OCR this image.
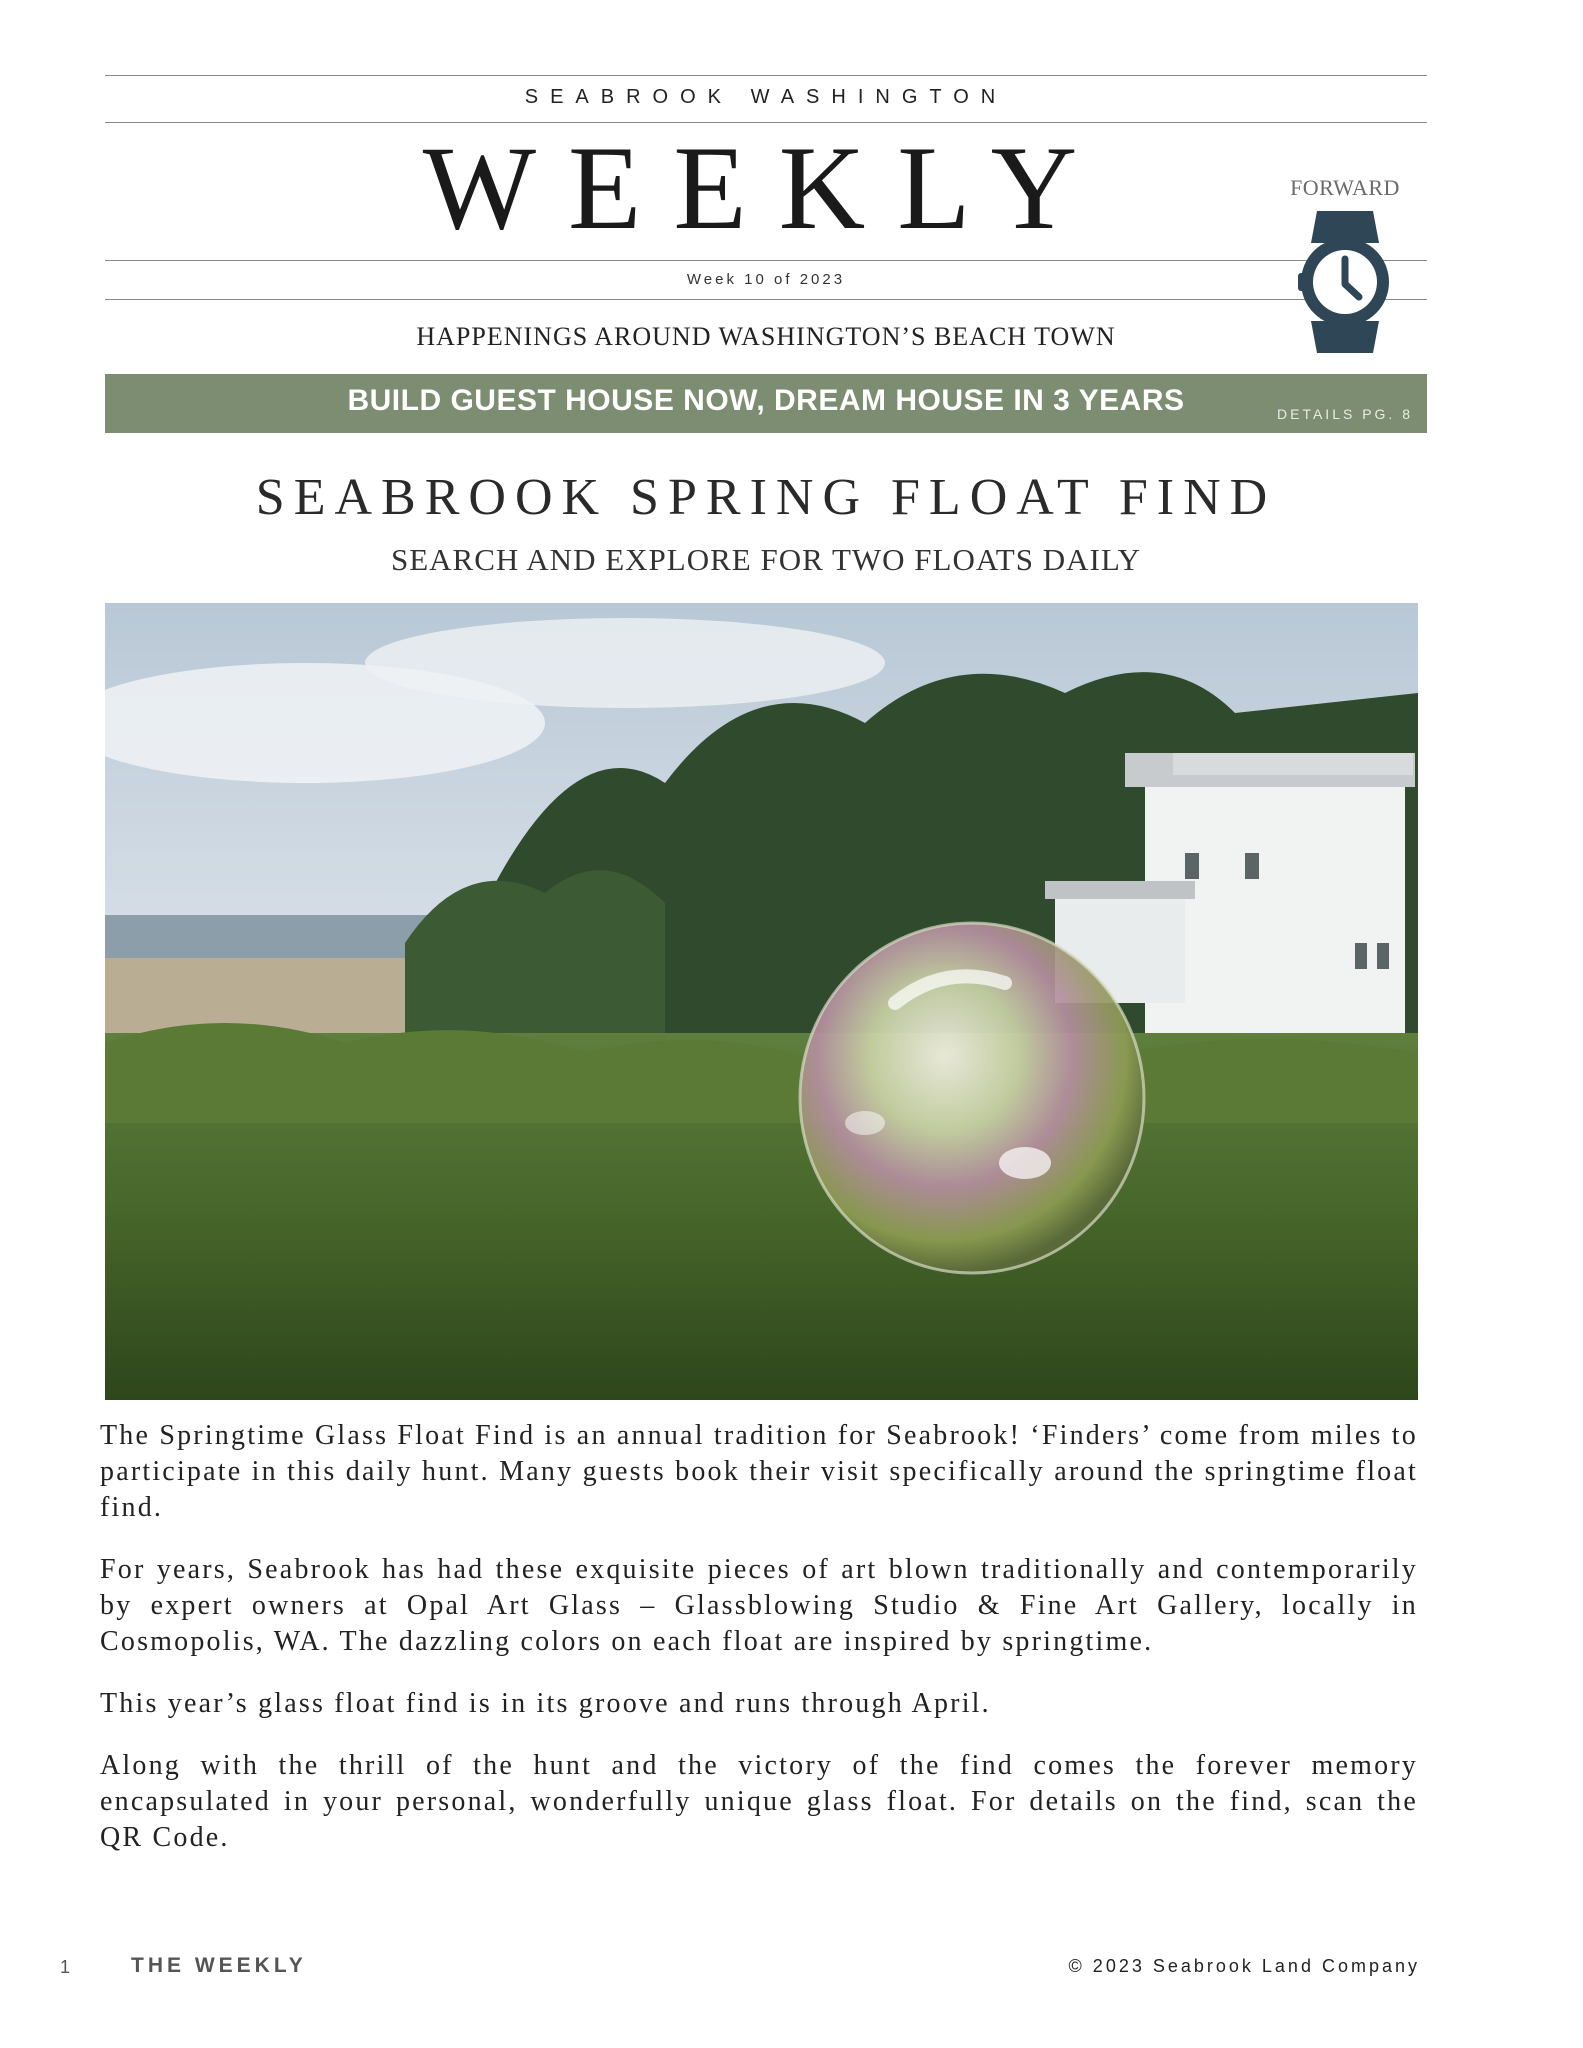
SEABROOK WASHINGTON
WEEKLY
Week 10 of 2023
HAPPENINGS AROUND WASHINGTON’S BEACH TOWN
FORWARD
BUILD GUEST HOUSE NOW, DREAM HOUSE IN 3 YEARS	DETAILS PG. 8
SEABROOK SPRING FLOAT FIND
SEARCH AND EXPLORE FOR TWO FLOATS DAILY

The Springtime Glass Float Find is an annual tradition for Seabrook! ‘Finders’ come from miles to participate in this daily hunt. Many guests book their visit specifically around the springtime float find.

For years, Seabrook has had these exquisite pieces of art blown traditionally and contemporarily by expert owners at Opal Art Glass – Glassblowing Studio & Fine Art Gallery, locally in Cosmopolis, WA. The dazzling colors on each float are inspired by springtime.

This year’s glass float find is in its groove and runs through April.

Along with the thrill of the hunt and the victory of the find comes the forever memory encapsulated in your personal, wonderfully unique glass float. For details on the find, scan the QR Code.

1	THE WEEKLY	© 2023 Seabrook Land Company
